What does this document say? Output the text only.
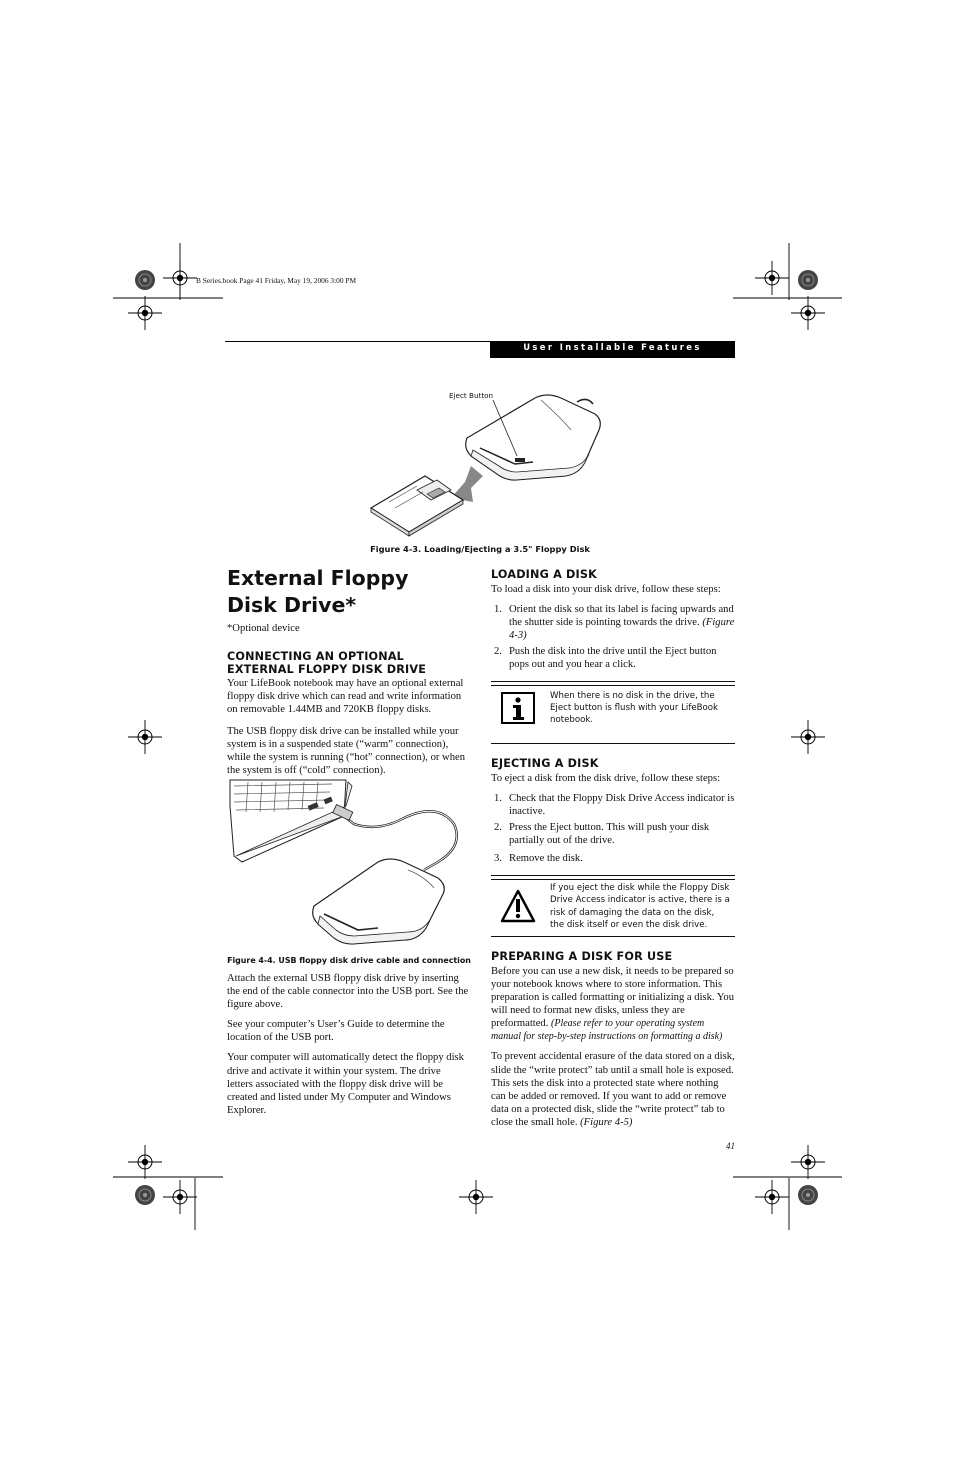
B Series.book Page 41 Friday, May 19, 2006 3:00 PM
User Installable Features
Eject Button
Figure 4-3. Loading/Ejecting a 3.5" Floppy Disk
External Floppy
Disk Drive*
*Optional device
CONNECTING AN OPTIONAL
EXTERNAL FLOPPY DISK DRIVE

Your LifeBook notebook may have an optional external floppy disk drive which can read and write information on removable 1.44MB and 720KB floppy disks.

The USB floppy disk drive can be installed while your system is in a suspended state (“warm” connection), while the system is running (“hot” connection), or when the system is off (“cold” connection).

Figure 4-4. USB floppy disk drive cable and connection

Attach the external USB floppy disk drive by inserting the end of the cable connector into the USB port. See the figure above.

See your computer’s User’s Guide to determine the location of the USB port.

Your computer will automatically detect the floppy disk drive and activate it within your system. The drive letters associated with the floppy disk drive will be created and listed under My Computer and Windows Explorer.

LOADING A DISK

To load a disk into your disk drive, follow these steps:

1. Orient the disk so that its label is facing upwards and the shutter side is pointing towards the drive. (Figure 4-3)
2. Push the disk into the drive until the Eject button pops out and you hear a click.
When there is no disk in the drive, the Eject button is flush with your LifeBook notebook.
EJECTING A DISK

To eject a disk from the disk drive, follow these steps:

1. Check that the Floppy Disk Drive Access indicator is inactive.
2. Press the Eject button. This will push your disk partially out of the drive.
3. Remove the disk.
If you eject the disk while the Floppy Disk Drive Access indicator is active, there is a risk of damaging the data on the disk, the disk itself or even the disk drive.
PREPARING A DISK FOR USE

Before you can use a new disk, it needs to be prepared so your notebook knows where to store information. This preparation is called formatting or initializing a disk. You will need to format new disks, unless they are preformatted. (Please refer to your operating system manual for step-by-step instructions on formatting a disk)

To prevent accidental erasure of the data stored on a disk, slide the “write protect” tab until a small hole is exposed. This sets the disk into a protected state where nothing can be added or removed. If you want to add or remove data on a protected disk, slide the “write protect” tab to close the small hole. (Figure 4-5)

41
